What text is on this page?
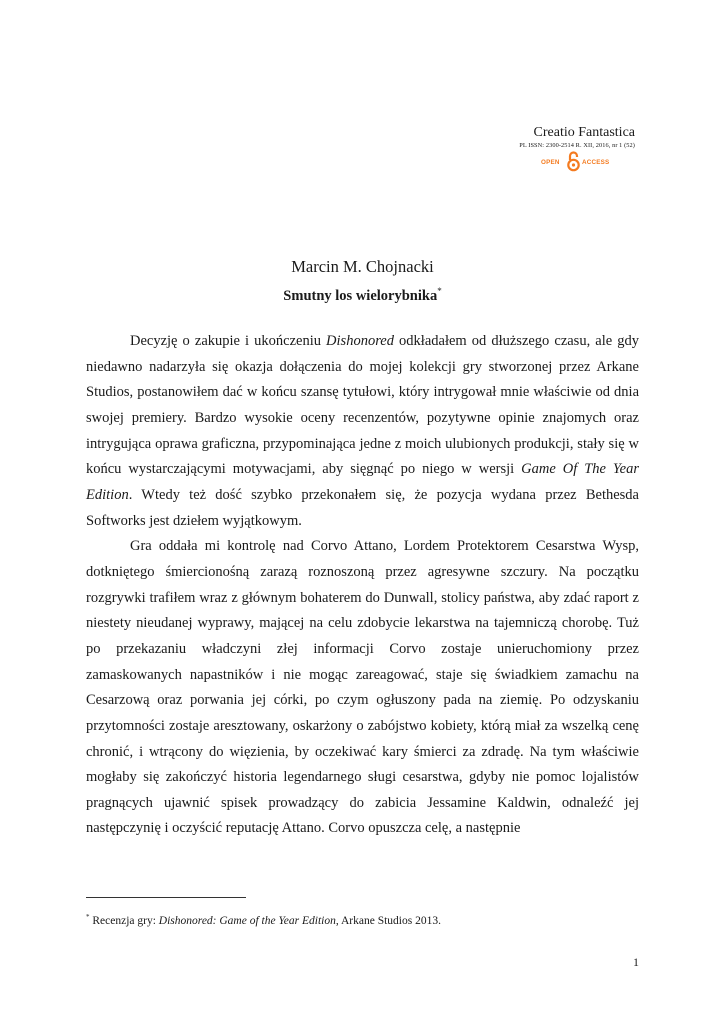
Creatio Fantastica
PL ISSN: 2300-2514 R. XII, 2016, nr 1 (52)
OPEN	ACCESS
Marcin M. Chojnacki
Smutny los wielorybnika*

Decyzję o zakupie i ukończeniu Dishonored odkładałem od dłuższego czasu, ale gdy niedawno nadarzyła się okazja dołączenia do mojej kolekcji gry stworzonej przez Arkane Studios, postanowiłem dać w końcu szansę tytułowi, który intrygował mnie właściwie od dnia swojej premiery. Bardzo wysokie oceny recenzentów, pozytywne opinie znajomych oraz intrygująca oprawa graficzna, przypominająca jedne z moich ulubionych produkcji, stały się w końcu wystarczającymi motywacjami, aby sięgnąć po niego w wersji Game Of The Year Edition. Wtedy też dość szybko przekonałem się, że pozycja wydana przez Bethesda Softworks jest dziełem wyjątkowym.

Gra oddała mi kontrolę nad Corvo Attano, Lordem Protektorem Cesarstwa Wysp, dotkniętego śmiercionośną zarazą roznoszoną przez agresywne szczury. Na początku rozgrywki trafiłem wraz z głównym bohaterem do Dunwall, stolicy państwa, aby zdać raport z niestety nieudanej wyprawy, mającej na celu zdobycie lekarstwa na tajemniczą chorobę. Tuż po przekazaniu władczyni złej informacji Corvo zostaje unieruchomiony przez zamaskowanych napastników i nie mogąc zareagować, staje się świadkiem zamachu na Cesarzową oraz porwania jej córki, po czym ogłuszony pada na ziemię. Po odzyskaniu przytomności zostaje aresztowany, oskarżony o zabójstwo kobiety, którą miał za wszelką cenę chronić, i wtrącony do więzienia, by oczekiwać kary śmierci za zdradę. Na tym właściwie mogłaby się zakończyć historia legendarnego sługi cesarstwa, gdyby nie pomoc lojalistów pragnących ujawnić spisek prowadzący do zabicia Jessamine Kaldwin, odnaleźć jej następczynię i oczyścić reputację Attano. Corvo opuszcza celę, a następnie

* Recenzja gry: Dishonored: Game of the Year Edition, Arkane Studios 2013.
1
